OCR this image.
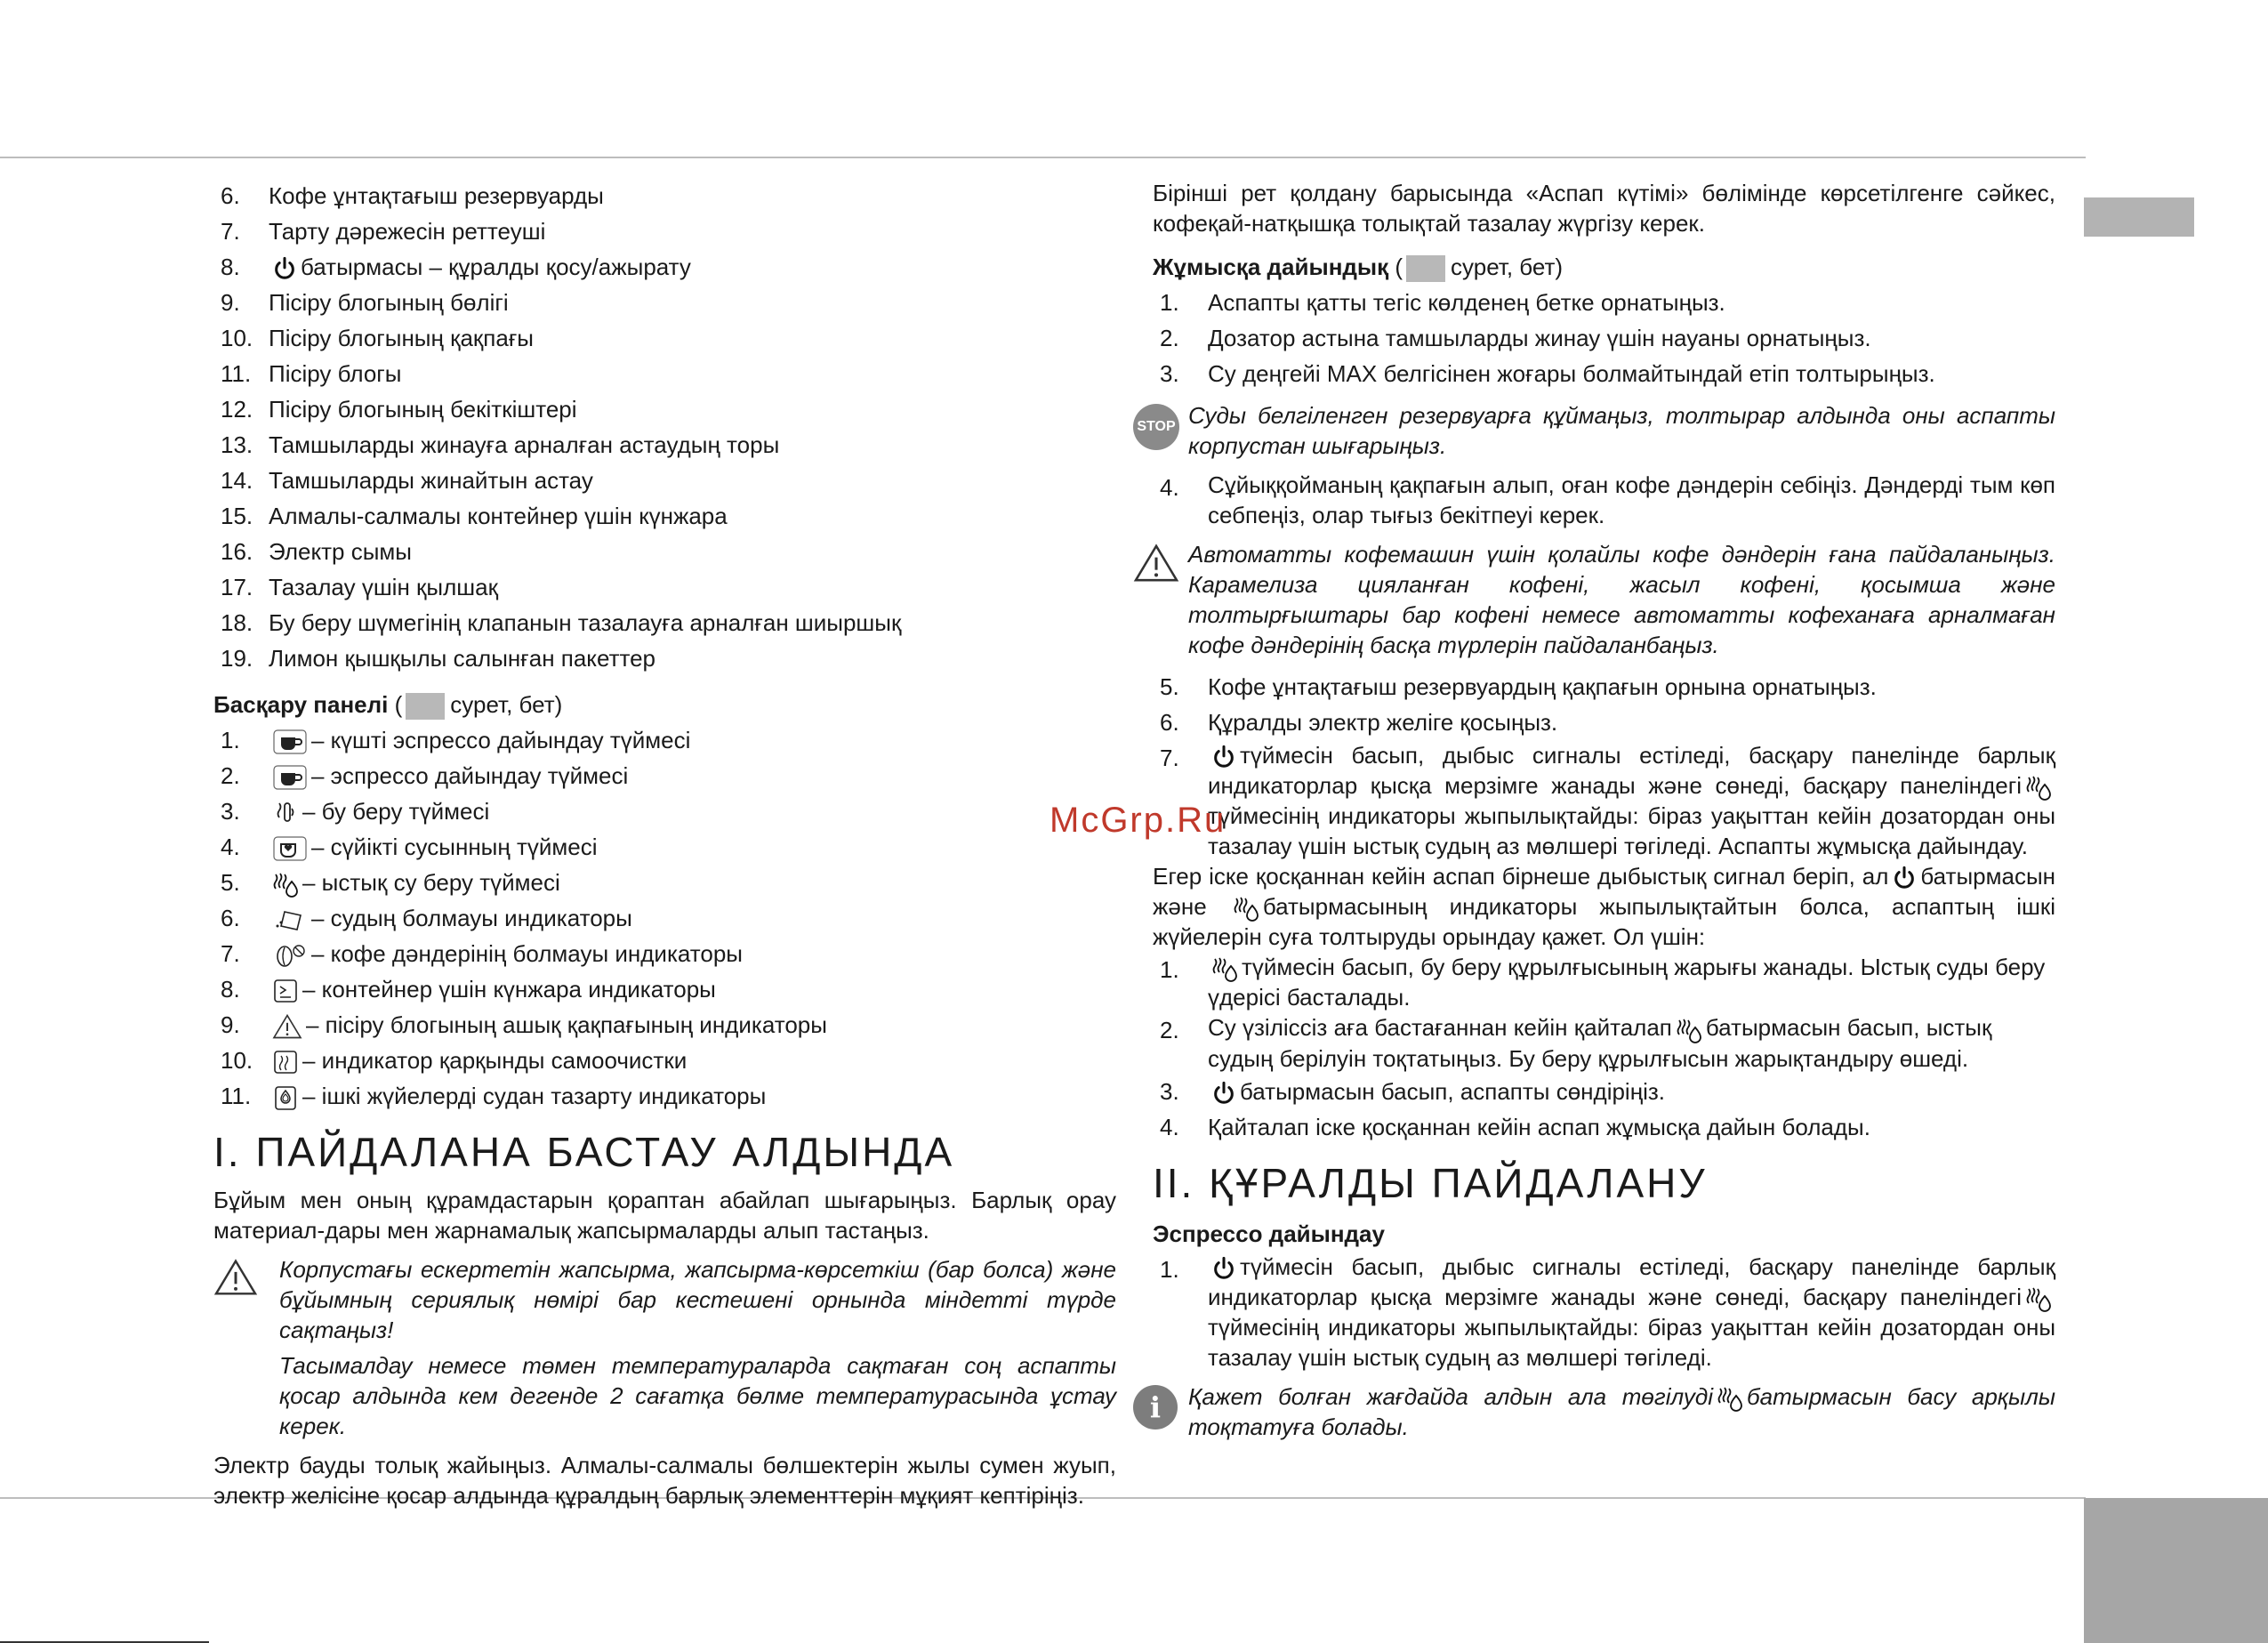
6.	Кофе ұнтақтағыш резервуарды
7.	Тарту дәрежесін реттеуші
8.	батырмасы – құралды қосу/ажырату
9.	Пісіру блогының бөлігі
10. Пісіру блогының қақпағы
11. Пісіру блогы
12. Пісіру блогының бекіткіштері
13. Тамшыларды жинауға арналған астаудың торы
14. Тамшыларды жинайтын астау
15. Алмалы-салмалы контейнер үшін күнжара
16. Электр сымы
17. Тазалау үшін қылшақ
18. Бу беру шүмегінің клапанын тазалауға арналған шиыршық
19. Лимон қышқылы салынған пакеттер
Басқару панелі ( сурет, бет)
1.	– күшті эспрессо дайындау түймесі
2.	– эспрессо дайындау түймесі
3.	– бу беру түймесі
4.	– сүйікті сусынның түймесі
5.	– ыстық су беру түймесі
6.	– судың болмауы индикаторы
7.	– кофе дәндерінің болмауы индикаторы
8.	– контейнер үшін күнжара индикаторы
9.	– пісіру блогының ашық қақпағының индикаторы
10.	– индикатор қарқынды самоочистки
11.	– ішкі жүйелерді судан тазарту индикаторы
I. ПАЙДАЛАНА БАСТАУ АЛДЫНДА
Бұйым мен оның құрамдастарын қораптан абайлап шығарыңыз. Барлық орау материал-дары мен жарнамалық жапсырмаларды алып тастаңыз.
Корпустағы ескертетін жапсырма, жапсырма-көрсеткіш (бар болса) және бұйымның сериялық нөмірі бар кестешені орнында міндетті түрде сақтаңыз!
Тасымалдау немесе төмен температураларда сақтаған соң аспапты қосар алдында кем дегенде 2 сағатқа бөлме температурасында ұстау керек.
Электр бауды толық жайыңыз. Алмалы-салмалы бөлшектерін жылы сумен жуып, электр желісіне қосар алдында құралдың барлық элементтерін мұқият кептіріңіз.
Бірінші рет қолдану барысында «Аспап күтімі» бөлімінде көрсетілгенге сәйкес, кофеқай-натқышқа толықтай тазалау жүргізу керек.
Жұмысқа дайындық ( сурет, бет)
1.	Аспапты қатты тегіс көлденең бетке орнатыңыз.
2.	Дозатор астына тамшыларды жинау үшін науаны орнатыңыз.
3.	Су деңгейі MAX белгісінен жоғары болмайтындай етіп толтырыңыз.
STOP Суды белгіленген резервуарға құймаңыз, толтырар алдында оны аспапты корпустан шығарыңыз.
4.	Сұйыққойманың қақпағын алып, оған кофе дәндерін себіңіз. Дәндерді тым көп себпеңіз, олар тығыз бекітпеуі керек.
Автоматты кофемашин үшін қолайлы кофе дәндерін ғана пайдаланыңыз. Карамелиза цияланған кофені, жасыл кофені, қосымша және толтырғыштары бар кофені немесе автоматты кофеханаға арналмаған кофе дәндерінің басқа түрлерін пайдаланбаңыз.
5.	Кофе ұнтақтағыш резервуардың қақпағын орнына орнатыңыз.
6.	Құралды электр желіге қосыңыз.
7.	түймесін басып, дыбыс сигналы естіледі, басқару панелінде барлық индикаторлар қысқа мерзімге жанады және сөнеді, басқару панеліндегітүймесінің индикаторы жыпылықтайды: біраз уақыттан кейін дозатордан оны тазалау үшін ыстық судың аз мөлшері төгіледі. Аспапты жұмысқа дайындау.
Егер іске қосқаннан кейін аспап бірнеше дыбыстық сигнал беріп, ал батырмасын және батырмасының индикаторы жыпылықтайтын болса, аспаптың ішкі жүйелерін суға толтыруды орындау қажет. Ол үшін:
1.	түймесін басып, бу беру құрылғысының жарығы жанады. Ыстық суды беру үдерісі басталады.
2.	Су үзіліссіз аға бастағаннан кейін қайталап батырмасын басып, ыстық судың берілуін тоқтатыңыз. Бу беру құрылғысын жарықтандыру өшеді.
3.	батырмасын басып, аспапты сөндіріңіз.
4.	Қайталап іске қосқаннан кейін аспап жұмысқа дайын болады.
II. ҚҰРАЛДЫ ПАЙДАЛАНУ
Эспрессо дайындау
1.	түймесін басып, дыбыс сигналы естіледі, басқару панелінде барлық индикаторлар қысқа мерзімге жанады және сөнеді, басқару панеліндегітүймесінің индикаторы жыпылықтайды: біраз уақыттан кейін дозатордан оны тазалау үшін ыстық судың аз мөлшері төгіледі.
i	Қажет болған жағдайда алдын ала төгілуді батырмасын басу арқылы тоқтатуға болады.
McGrp.Ru
